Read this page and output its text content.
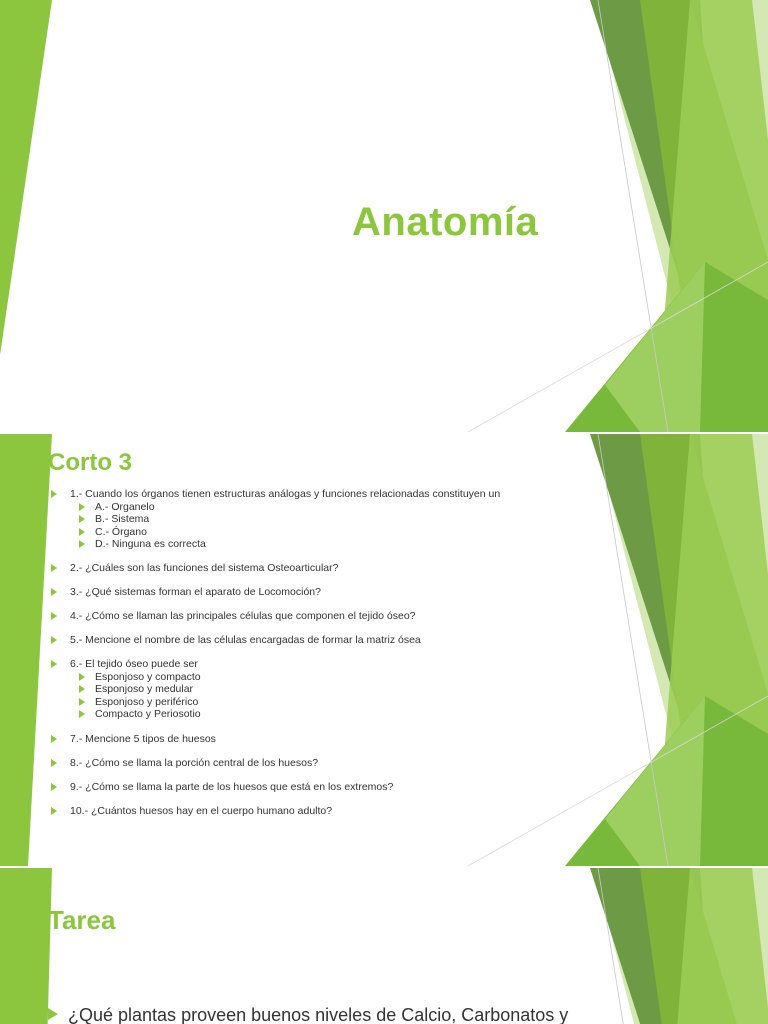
Anatomía
Corto 3
1.- Cuando los órganos tienen estructuras análogas y funciones relacionadas constituyen un
A.- Organelo
B.- Sistema
C.- Órgano
D.- Ninguna es correcta
2.- ¿Cuáles son las funciones del sistema Osteoarticular?
3.- ¿Qué sistemas forman el aparato de Locomoción?
4.- ¿Cómo se llaman las principales células que componen el tejido óseo?
5.- Mencione el nombre de las células encargadas de formar la matriz ósea
6.- El tejido óseo puede ser
Esponjoso y compacto
Esponjoso y medular
Esponjoso y periférico
Compacto y Periosotio
7.- Mencione 5 tipos de huesos
8.- ¿Cómo se llama la porción central de los huesos?
9.- ¿Cómo se llama la parte de los huesos que está en los extremos?
10.- ¿Cuántos huesos hay en el cuerpo humano adulto?
Tarea
¿Qué plantas proveen buenos niveles de Calcio, Carbonatos y
